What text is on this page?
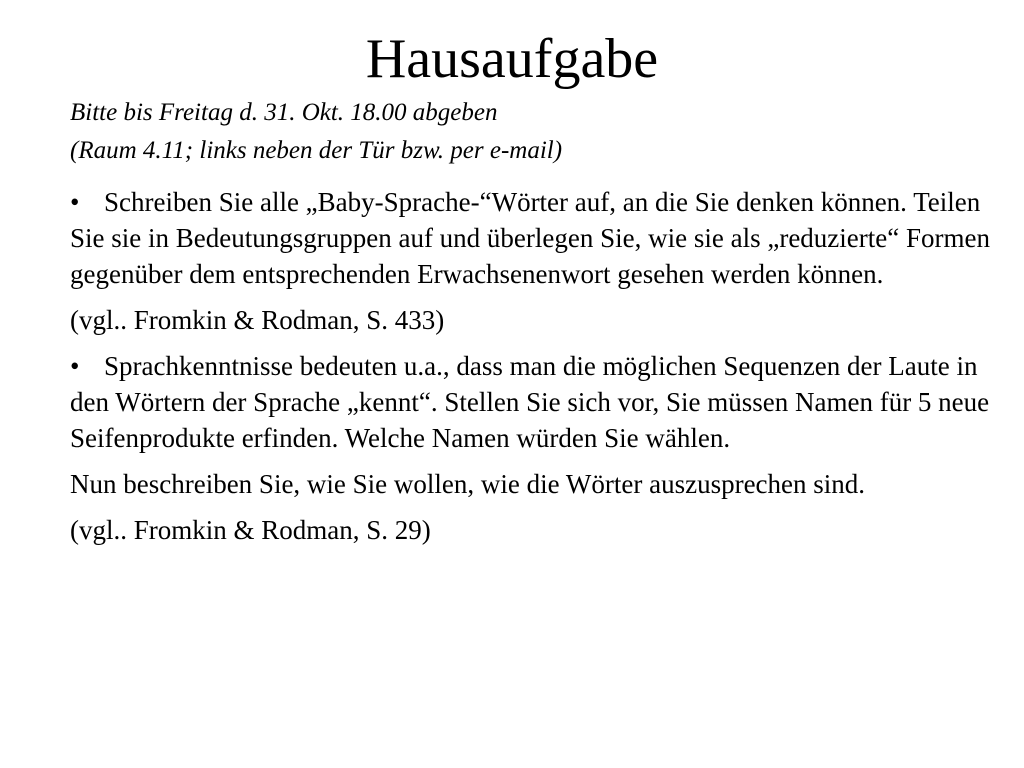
Hausaufgabe

Bitte bis Freitag d. 31. Okt. 18.00 abgeben

(Raum 4.11; links neben der Tür bzw. per e-mail)

• Schreiben Sie alle „Baby-Sprache-“Wörter auf, an die Sie denken können. Teilen Sie sie in Bedeutungsgruppen auf und überlegen Sie, wie sie als „reduzierte“ Formen gegenüber dem entsprechenden Erwachsenenwort gesehen werden können.

(vgl.. Fromkin & Rodman, S. 433)

• Sprachkenntnisse bedeuten u.a., dass man die möglichen Sequenzen der Laute in den Wörtern der Sprache „kennt“. Stellen Sie sich vor, Sie müssen Namen für 5 neue Seifenprodukte erfinden. Welche Namen würden Sie wählen.

Nun beschreiben Sie, wie Sie wollen, wie die Wörter auszusprechen sind.

(vgl.. Fromkin & Rodman, S. 29)
